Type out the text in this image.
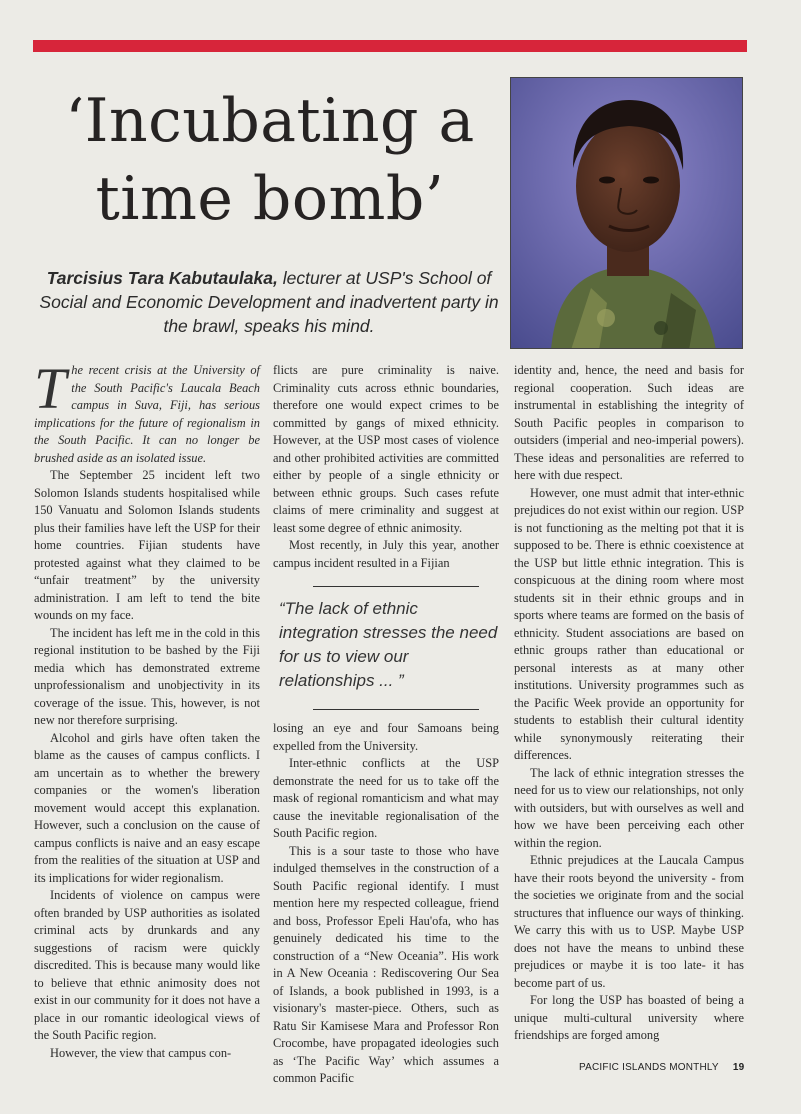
‘Incubating a
time bomb’

Tarcisius Tara Kabutaulaka, lecturer at USP's School of Social and Economic Development and inadvertent party in the brawl, speaks his mind.

The recent crisis at the University of the South Pacific's Laucala Beach campus in Suva, Fiji, has serious implications for the future of regionalism in the South Pacific. It can no longer be brushed aside as an isolated issue.

The September 25 incident left two Solomon Islands students hospitalised while 150 Vanuatu and Solomon Islands students plus their families have left the USP for their home countries. Fijian students have protested against what they claimed to be “unfair treatment” by the university administration. I am left to tend the bite wounds on my face.

The incident has left me in the cold in this regional institution to be bashed by the Fiji media which has demonstrated extreme unprofessionalism and unobjectivity in its coverage of the issue. This, however, is not new nor therefore surprising.

Alcohol and girls have often taken the blame as the causes of campus conflicts. I am uncertain as to whether the brewery companies or the women's liberation movement would accept this explanation. However, such a conclusion on the cause of campus conflicts is naive and an easy escape from the realities of the situation at USP and its implications for wider regionalism.

Incidents of violence on campus were often branded by USP authorities as isolated criminal acts by drunkards and any suggestions of racism were quickly discredited. This is because many would like to believe that ethnic animosity does not exist in our community for it does not have a place in our romantic ideological views of the South Pacific region.

However, the view that campus con-

flicts are pure criminality is naive. Criminality cuts across ethnic boundaries, therefore one would expect crimes to be committed by gangs of mixed ethnicity. However, at the USP most cases of violence and other prohibited activities are committed either by people of a single ethnicity or between ethnic groups. Such cases refute claims of mere criminality and suggest at least some degree of ethnic animosity.

Most recently, in July this year, another campus incident resulted in a Fijian

“The lack of ethnic integration stresses the need for us to view our relationships ... ”

losing an eye and four Samoans being expelled from the University.

Inter-ethnic conflicts at the USP demonstrate the need for us to take off the mask of regional romanticism and what may cause the inevitable regionalisation of the South Pacific region.

This is a sour taste to those who have indulged themselves in the construction of a South Pacific regional identify. I must mention here my respected colleague, friend and boss, Professor Epeli Hau'ofa, who has genuinely dedicated his time to the construction of a “New Oceania”. His work in A New Oceania : Rediscovering Our Sea of Islands, a book published in 1993, is a visionary's master-piece. Others, such as Ratu Sir Kamisese Mara and Professor Ron Crocombe, have propagated ideologies such as ‘The Pacific Way’ which assumes a common Pacific

identity and, hence, the need and basis for regional cooperation. Such ideas are instrumental in establishing the integrity of South Pacific peoples in comparison to outsiders (imperial and neo-imperial powers). These ideas and personalities are referred to here with due respect.

However, one must admit that inter-ethnic prejudices do not exist within our region. USP is not functioning as the melting pot that it is supposed to be. There is ethnic coexistence at the USP but little ethnic integration. This is conspicuous at the dining room where most students sit in their ethnic groups and in sports where teams are formed on the basis of ethnicity. Student associations are based on ethnic groups rather than educational or personal interests as at many other institutions. University programmes such as the Pacific Week provide an opportunity for students to establish their cultural identity while synonymously reiterating their differences.

The lack of ethnic integration stresses the need for us to view our relationships, not only with outsiders, but with ourselves as well and how we have been perceiving each other within the region.

Ethnic prejudices at the Laucala Campus have their roots beyond the university - from the societies we originate from and the social structures that influence our ways of thinking. We carry this with us to USP. Maybe USP does not have the means to unbind these prejudices or maybe it is too late- it has become part of us.

For long the USP has boasted of being a unique multi-cultural university where friendships are forged among

PACIFIC ISLANDS MONTHLY 19
